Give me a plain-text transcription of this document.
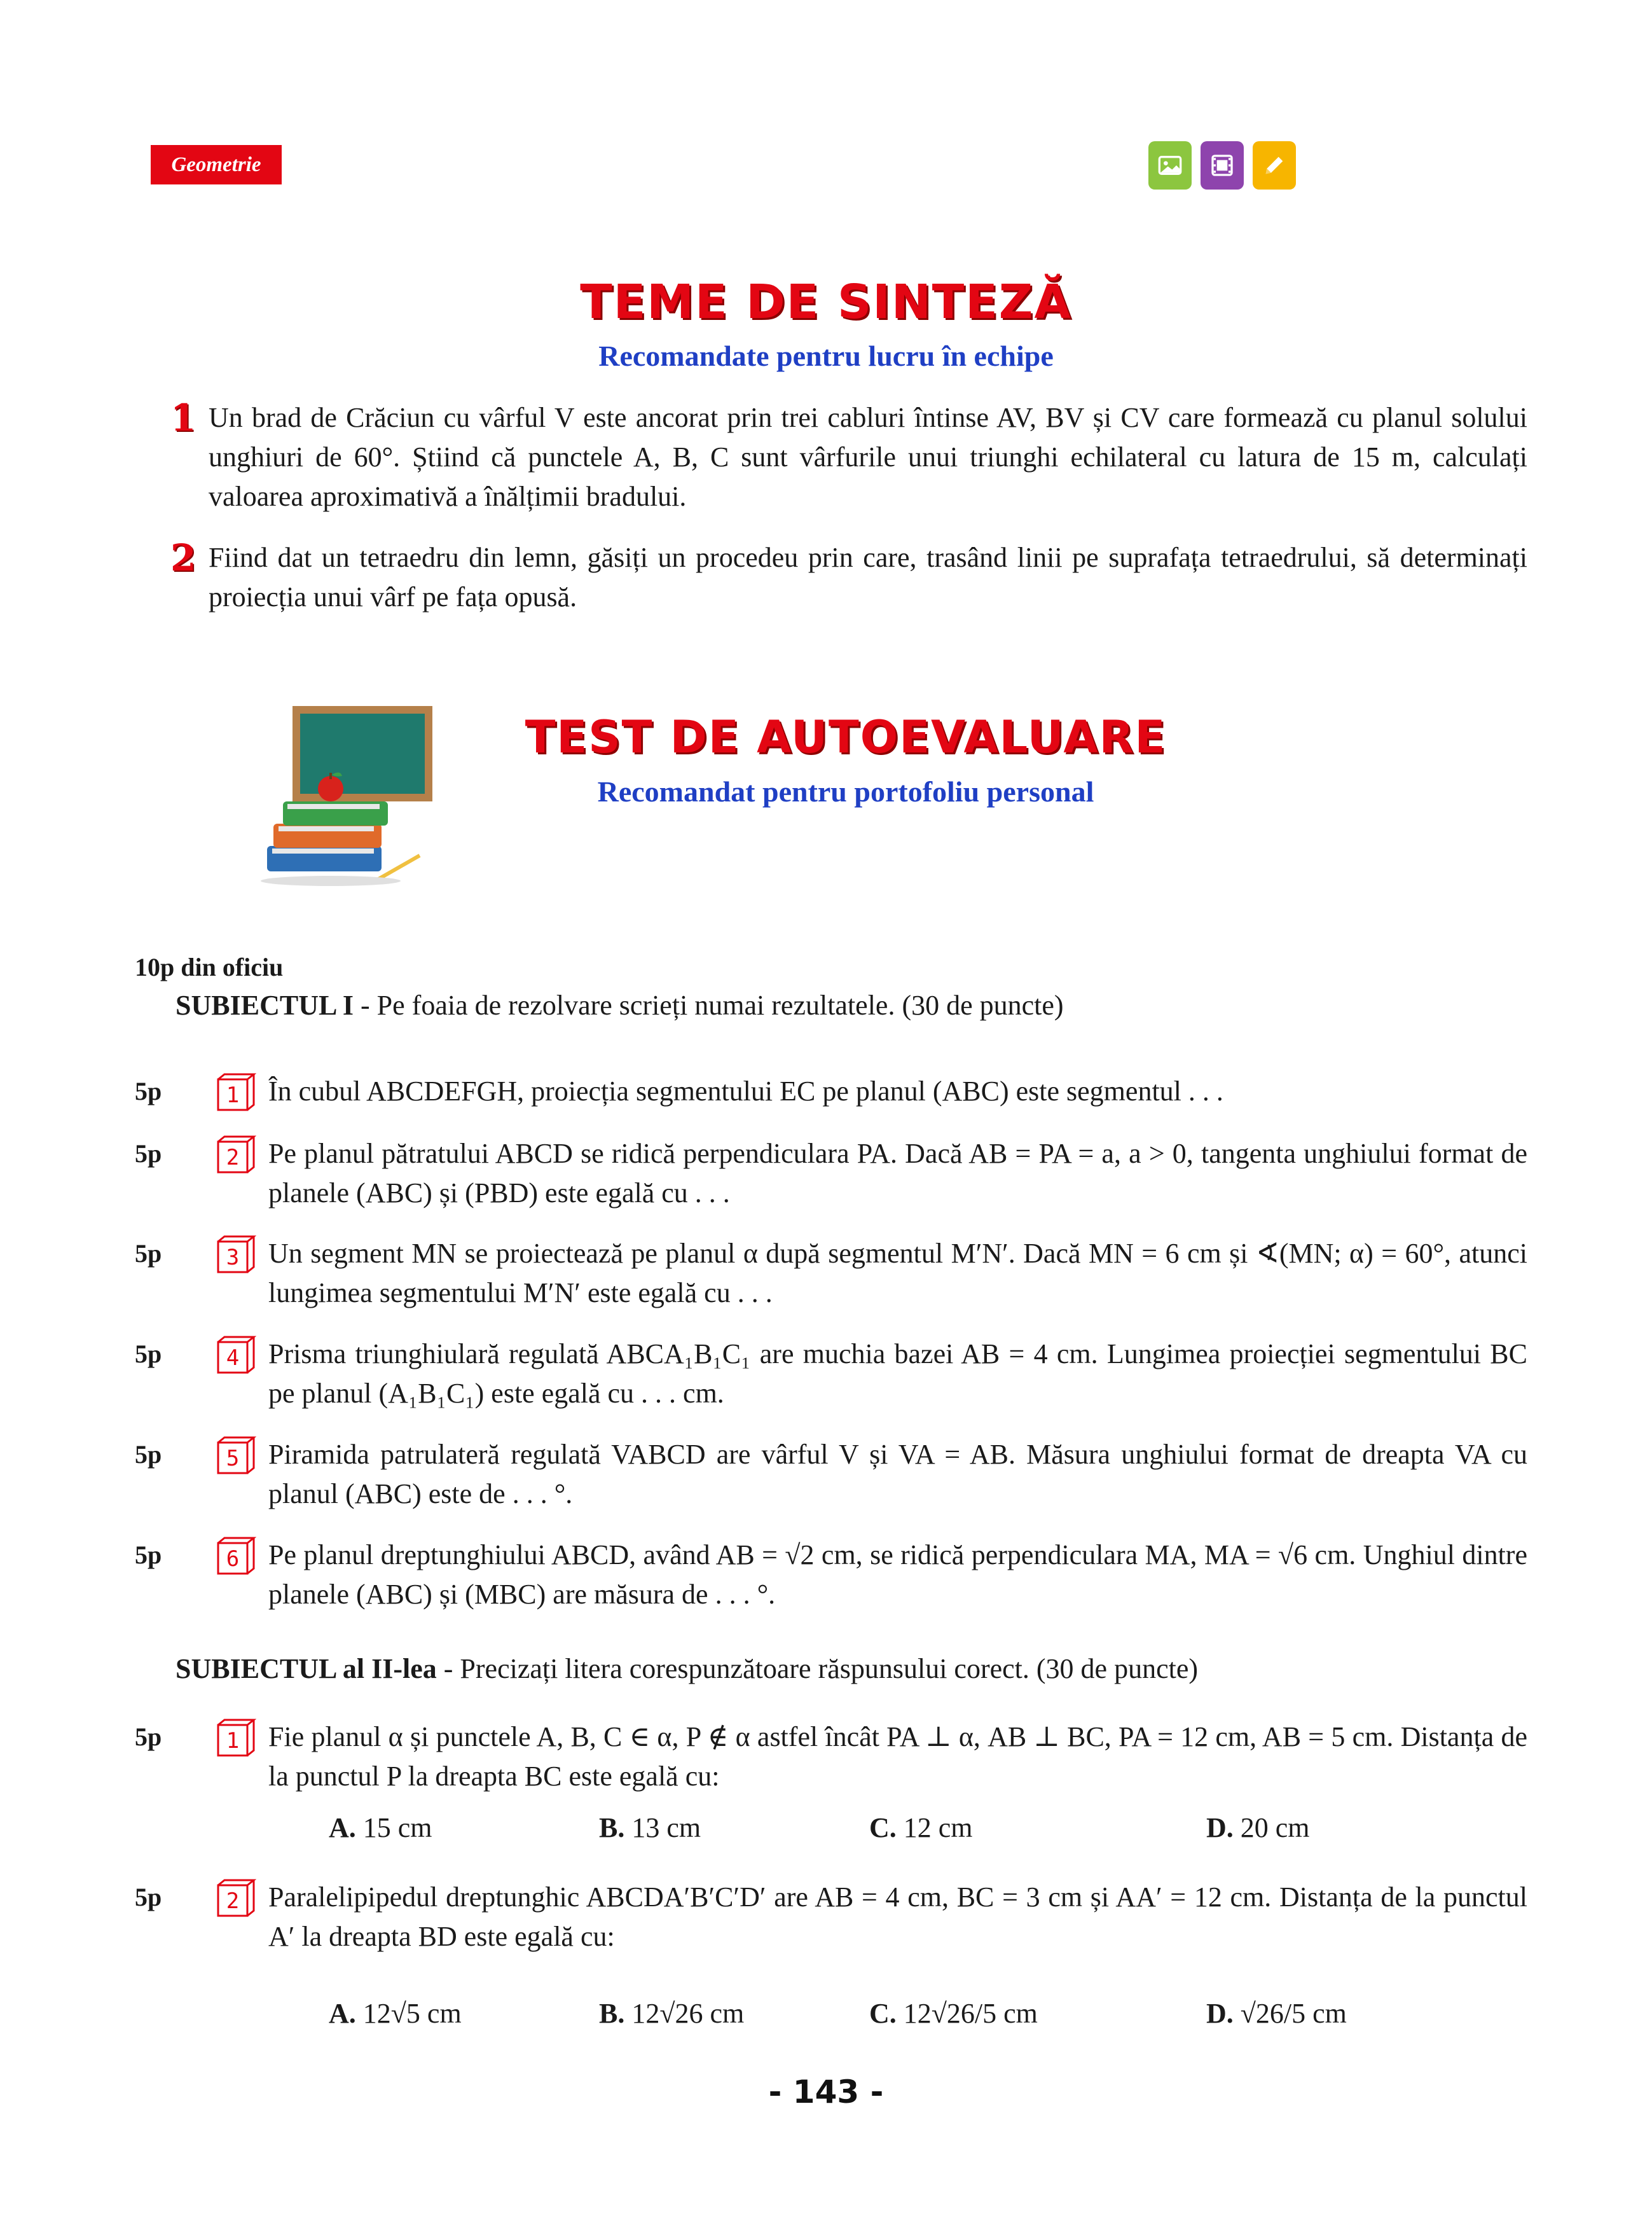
Geometrie
TEME DE SINTEZĂ
Recomandate pentru lucru în echipe
1 Un brad de Crăciun cu vârful V este ancorat prin trei cabluri întinse AV, BV și CV care formează cu planul solului unghiuri de 60°. Știind că punctele A, B, C sunt vârfurile unui triunghi echilateral cu latura de 15 m, calculați valoarea aproximativă a înălțimii bradului.
2 Fiind dat un tetraedru din lemn, găsiți un procedeu prin care, trasând linii pe suprafața tetraedrului, să determinați proiecția unui vârf pe fața opusă.
TEST DE AUTOEVALUARE
Recomandat pentru portofoliu personal
10p din oficiu
SUBIECTUL I - Pe foaia de rezolvare scrieți numai rezultatele. (30 de puncte)
5p	1 În cubul ABCDEFGH, proiecția segmentului EC pe planul (ABC) este segmentul . . .
5p	2 Pe planul pătratului ABCD se ridică perpendiculara PA. Dacă AB = PA = a, a > 0, tangenta unghiului format de planele (ABC) și (PBD) este egală cu . . .
5p	3 Un segment MN se proiectează pe planul α după segmentul M′N′. Dacă MN = 6 cm și ∢(MN; α) = 60°, atunci lungimea segmentului M′N′ este egală cu . . .
5p	4 Prisma triunghiulară regulată ABCA₁B₁C₁ are muchia bazei AB = 4 cm. Lungimea proiecției segmentului BC pe planul (A₁B₁C₁) este egală cu . . . cm.
5p	5 Piramida patrulateră regulată VABCD are vârful V și VA = AB. Măsura unghiului format de dreapta VA cu planul (ABC) este de . . . °.
5p	6 Pe planul dreptunghiului ABCD, având AB = √2 cm, se ridică perpendiculara MA, MA = √6 cm. Unghiul dintre planele (ABC) și (MBC) are măsura de . . . °.
SUBIECTUL al II-lea - Precizați litera corespunzătoare răspunsului corect. (30 de puncte)
5p	1 Fie planul α și punctele A, B, C ∈ α, P ∉ α astfel încât PA ⊥ α, AB ⊥ BC, PA = 12 cm, AB = 5 cm. Distanța de la punctul P la dreapta BC este egală cu:
A. 15 cm	B. 13 cm	C. 12 cm	D. 20 cm
5p	2 Paralelipipedul dreptunghic ABCDA′B′C′D′ are AB = 4 cm, BC = 3 cm și AA′ = 12 cm. Distanța de la punctul A′ la dreapta BD este egală cu:
A. 12√5 cm	B. 12√26 cm	C. 12√26/5 cm	D. √26/5 cm
- 143 -
